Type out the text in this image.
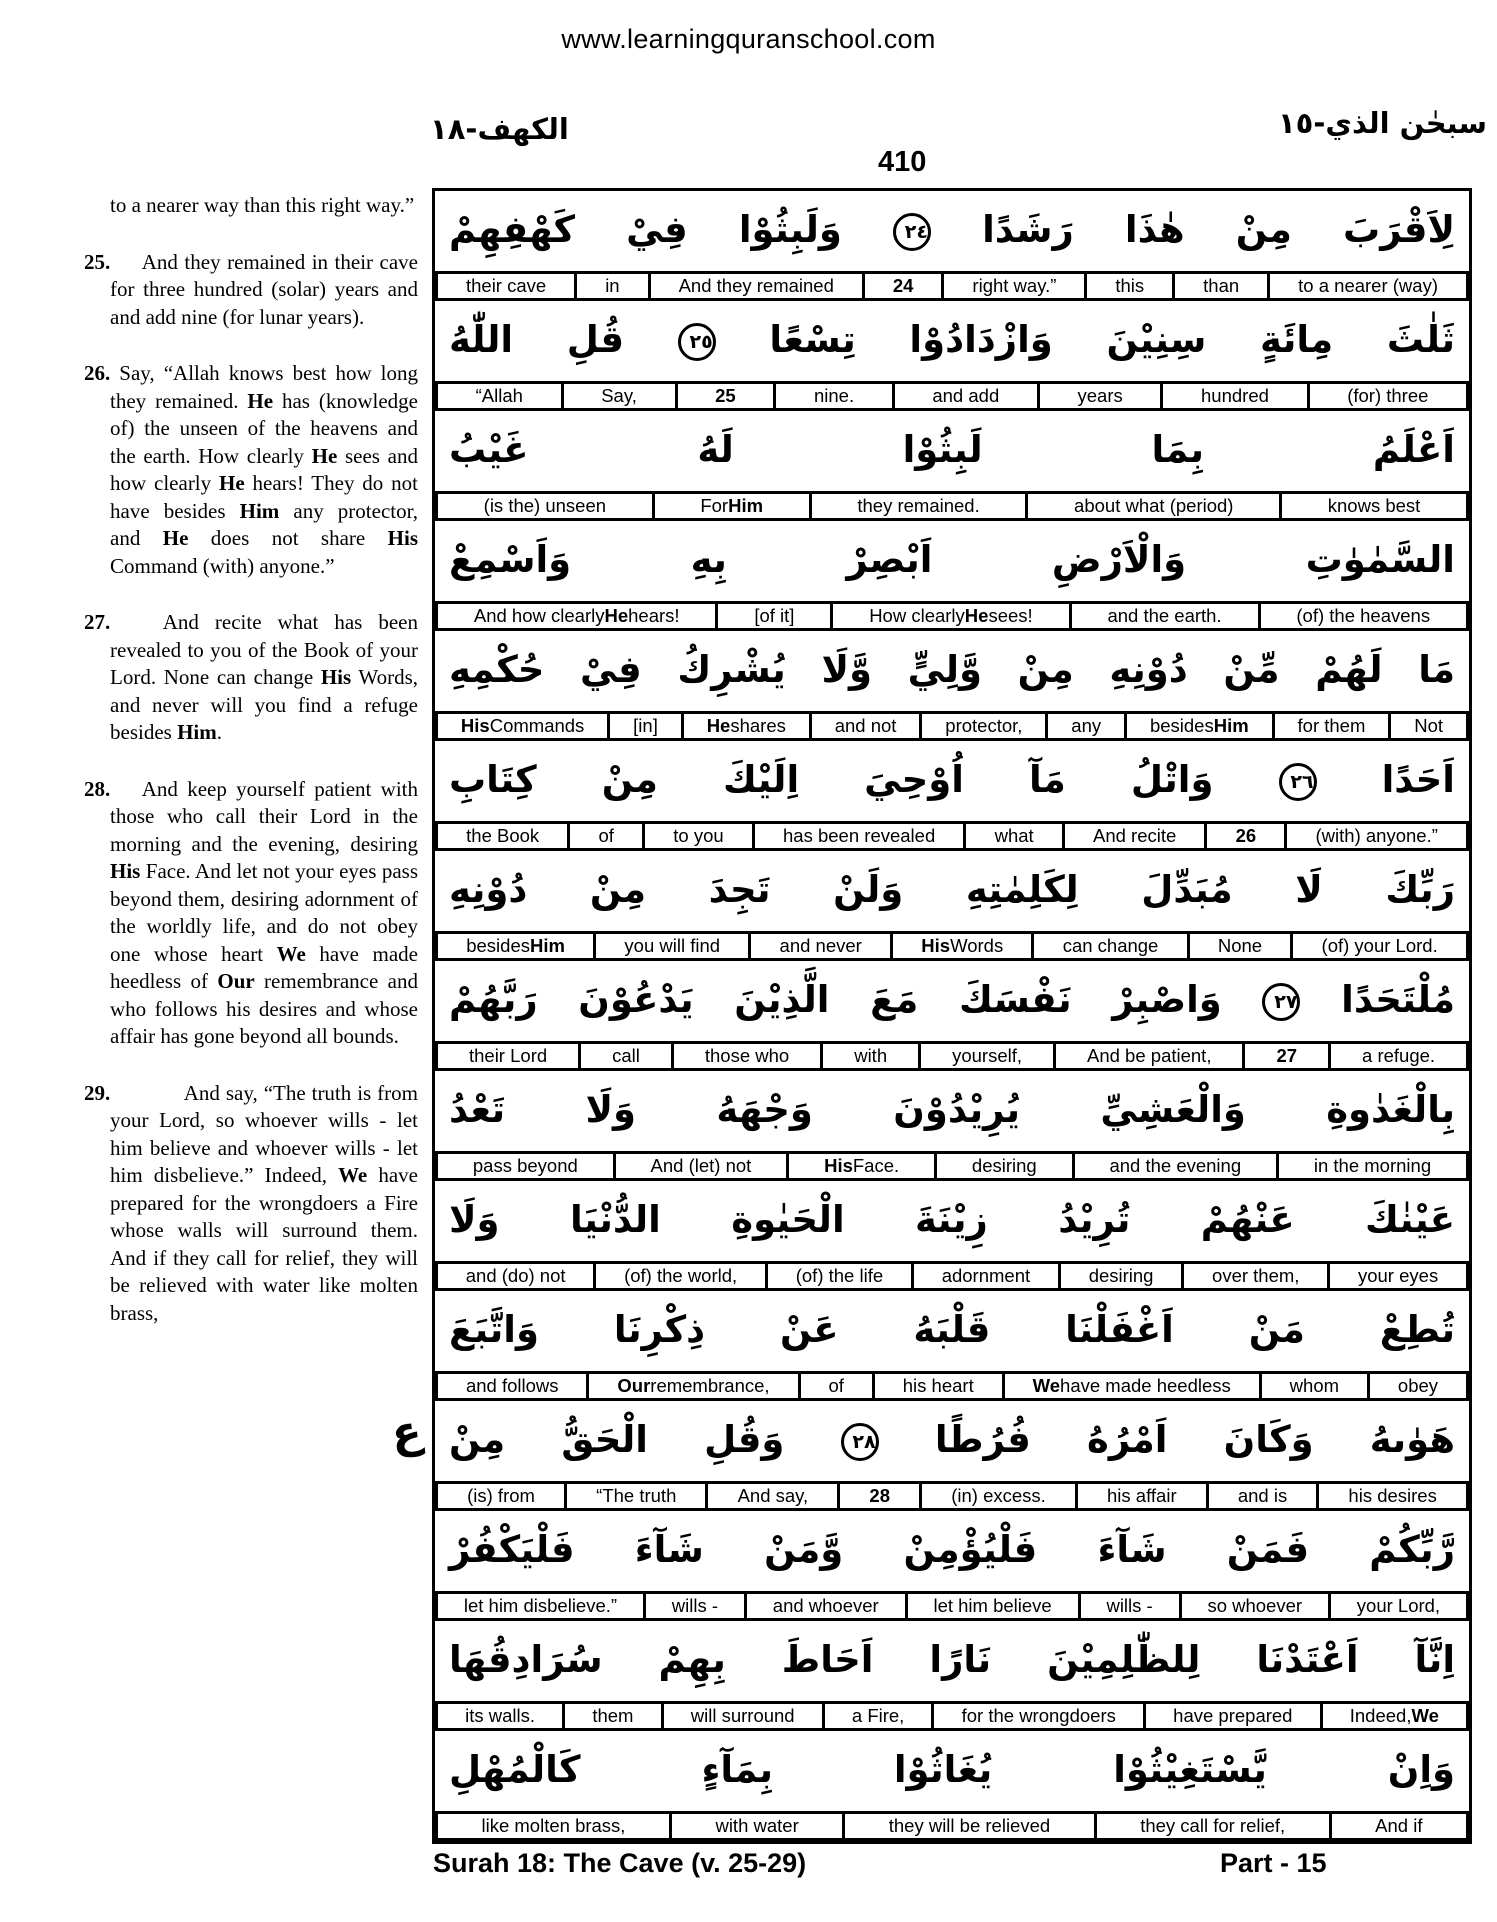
www.learningquranschool.com
الكهف-١٨
410
سبحٰن الذي-١٥
to a nearer way than this right way.”
25.  And they remained in their cave for three hundred (solar) years and and add nine (for lunar years).
26. Say, “Allah knows best how long they remained. He has (knowledge of) the unseen of the heavens and the earth. How clearly He sees and how clearly He hears! They do not have besides Him any protector, and He does not share His Command (with) anyone.”
27.   And recite what has been revealed to you of the Book of your Lord. None can change His Words, and never will you find a refuge besides Him.
28.  And keep yourself patient with those who call their Lord in the morning and the evening, desiring His Face. And let not your eyes pass beyond them, desiring adornment of the worldly life, and do not obey one whose heart We have made heedless of Our remembrance and who follows his desires and whose affair has gone beyond all bounds.
29.    And say, “The truth is from your Lord, so whoever wills - let him believe and whoever wills - let him disbelieve.” Indeed, We have prepared for the wrongdoers a Fire whose walls will surround them. And if they call for relief, they will be relieved with water like molten brass,
ع
لِاَقْرَبَ مِنْ هٰذَا رَشَدًا ٢٤ وَلَبِثُوْا فِيْ كَهْفِهِمْ
their cave	in	And they remained	24	right way.”	this	than	to a nearer (way)
ثَلٰثَ مِائَةٍ سِنِيْنَ وَازْدَادُوْا تِسْعًا ٢٥ قُلِ اللّٰهُ
“Allah	Say,	25	nine.	and add	years	hundred	(for) three
اَعْلَمُ بِمَا لَبِثُوْا لَهُ غَيْبُ
(is the) unseen	For Him	they remained.	about what (period)	knows best
السَّمٰوٰتِ وَالْاَرْضِ اَبْصِرْ بِهِ وَاَسْمِعْ
And how clearly He hears!	[of it]	How clearly He sees!	and the earth.	(of) the heavens
مَا لَهُمْ مِّنْ دُوْنِهِ مِنْ وَّلِيٍّ وَّلَا يُشْرِكُ فِيْ حُكْمِهِ
His Commands	[in]	He shares	and not	protector,	any	besides Him	for them	Not
اَحَدًا ٢٦ وَاتْلُ مَآ اُوْحِيَ اِلَيْكَ مِنْ كِتَابِ
the Book	of	to you	has been revealed	what	And recite	26	(with) anyone.”
رَبِّكَ لَا مُبَدِّلَ لِكَلِمٰتِهِ وَلَنْ تَجِدَ مِنْ دُوْنِهِ
besides Him	you will find	and never	His Words	can change	None	(of) your Lord.
مُلْتَحَدًا ٢٧ وَاصْبِرْ نَفْسَكَ مَعَ الَّذِيْنَ يَدْعُوْنَ رَبَّهُمْ
their Lord	call	those who	with	yourself,	And be patient,	27	a refuge.
بِالْغَدٰوةِ وَالْعَشِيِّ يُرِيْدُوْنَ وَجْهَهُ وَلَا تَعْدُ
pass beyond	And (let) not	His Face.	desiring	and the evening	in the morning
عَيْنٰكَ عَنْهُمْ تُرِيْدُ زِيْنَةَ الْحَيٰوةِ الدُّنْيَا وَلَا
and (do) not	(of) the world,	(of) the life	adornment	desiring	over them,	your eyes
تُطِعْ مَنْ اَغْفَلْنَا قَلْبَهُ عَنْ ذِكْرِنَا وَاتَّبَعَ
and follows	Our remembrance,	of	his heart	We have made heedless	whom	obey
هَوٰىهُ وَكَانَ اَمْرُهُ فُرُطًا ٢٨ وَقُلِ الْحَقُّ مِنْ
(is) from	“The truth	And say,	28	(in) excess.	his affair	and is	his desires
رَّبِّكُمْ فَمَنْ شَآءَ فَلْيُؤْمِنْ وَّمَنْ شَآءَ فَلْيَكْفُرْ
let him disbelieve.”	wills -	and whoever	let him believe	wills -	so whoever	your Lord,
اِنَّآ اَعْتَدْنَا لِلظّٰلِمِيْنَ نَارًا اَحَاطَ بِهِمْ سُرَادِقُهَا
its walls.	them	will surround	a Fire,	for the wrongdoers	have prepared	Indeed, We
وَاِنْ يَّسْتَغِيْثُوْا يُغَاثُوْا بِمَآءٍ كَالْمُهْلِ
like molten brass,	with water	they will be relieved	they call for relief,	And if
Surah 18: The Cave (v. 25-29)	Part - 15
